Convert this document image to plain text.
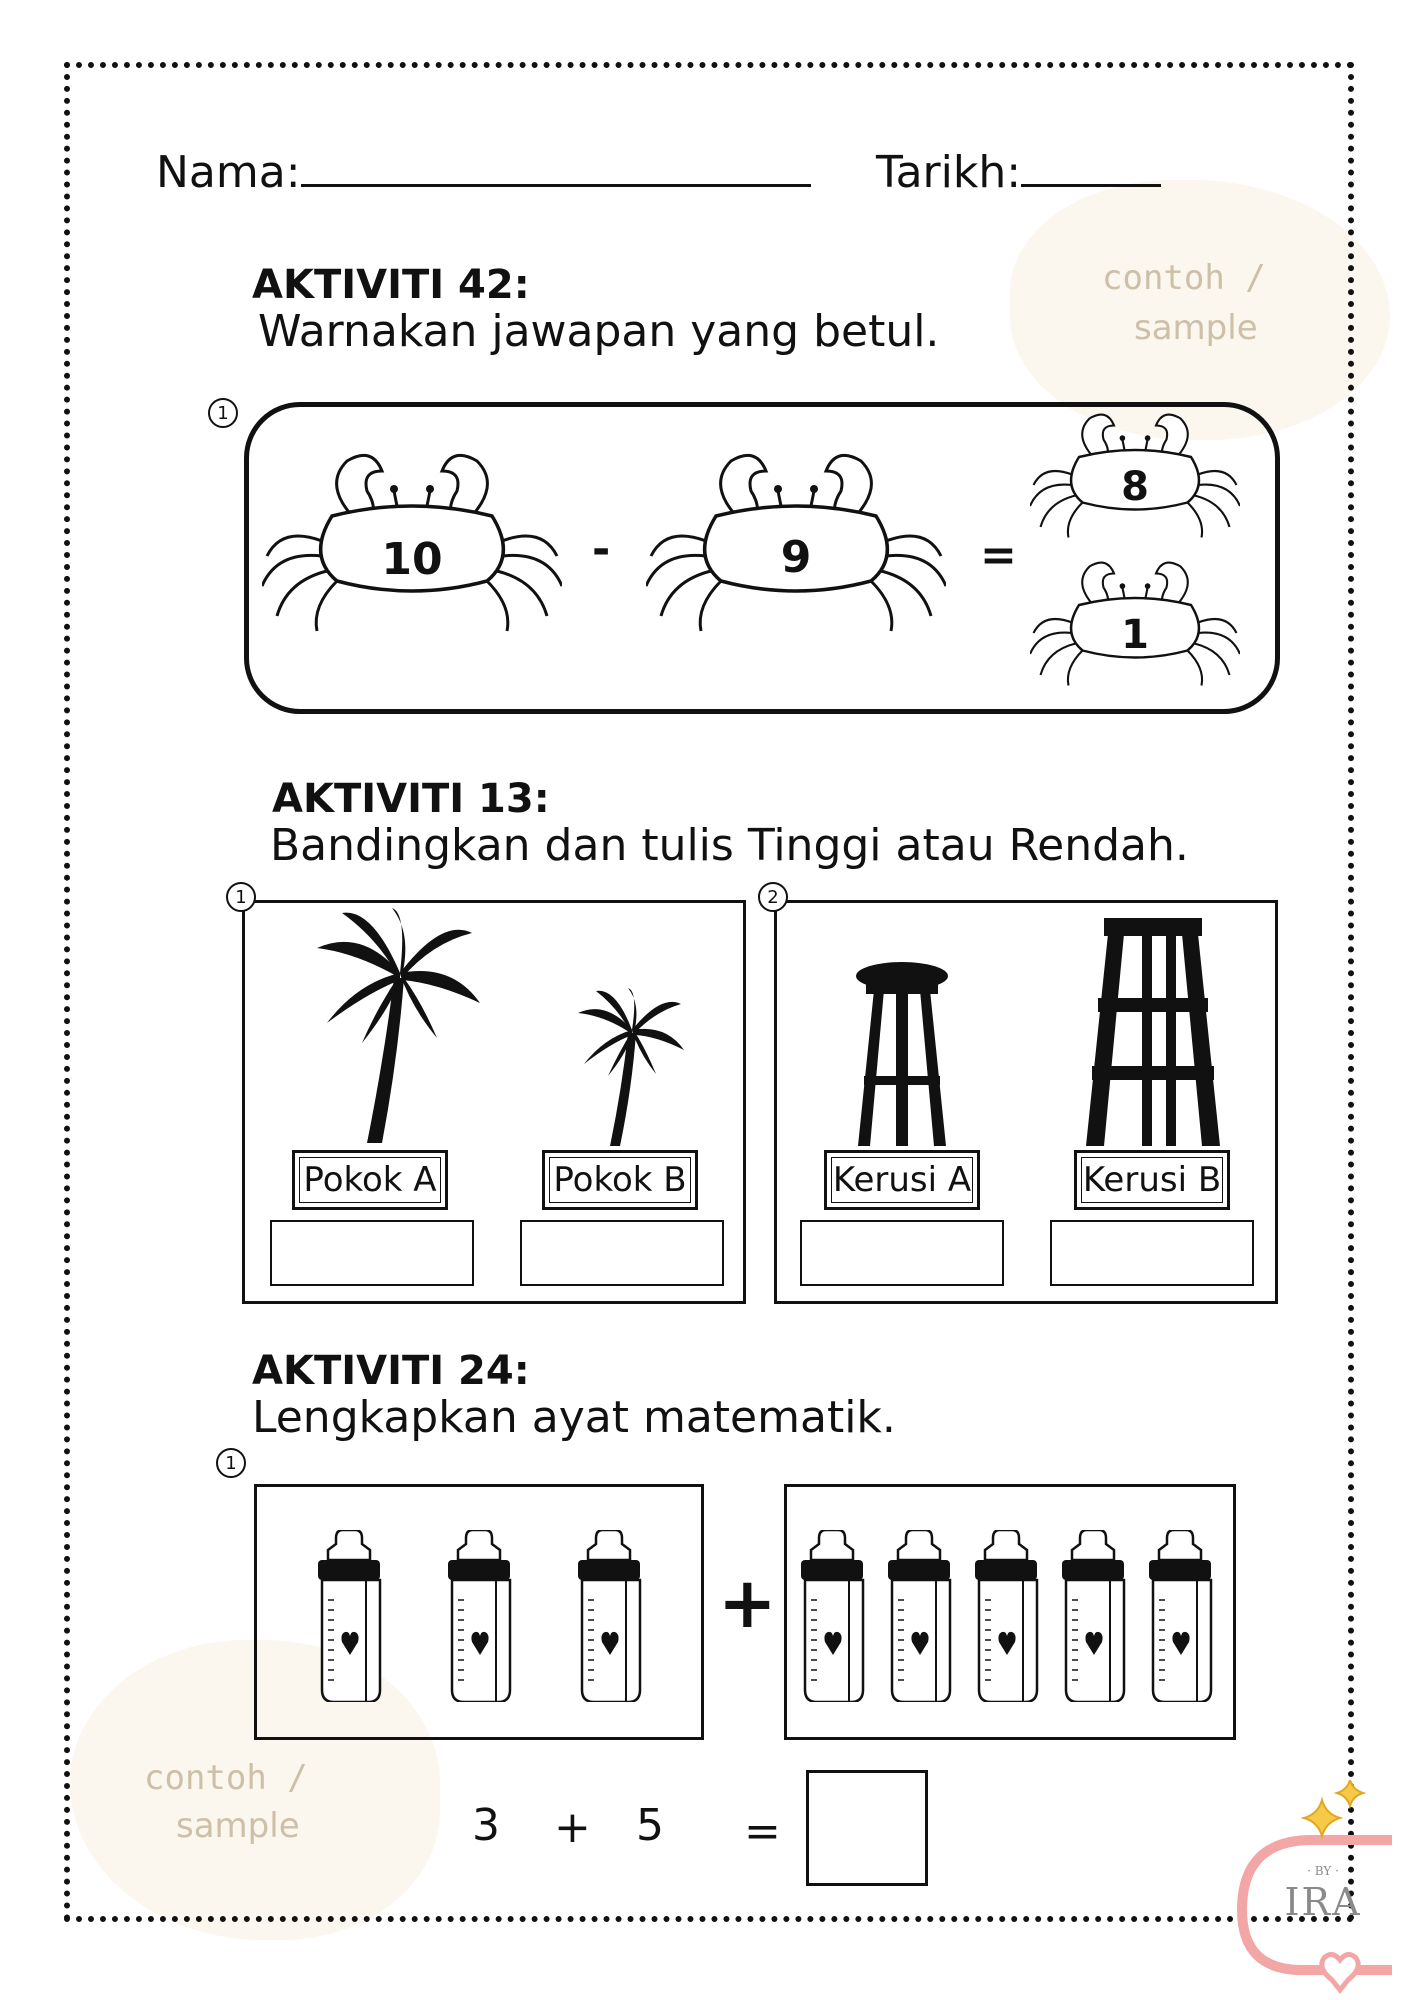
Nama:	Tarikh:
contoh /
sample
contoh /
sample
AKTIVITI 42:
Warnakan jawapan yang betul.
1
10	-	9	=
8
1
AKTIVITI 13:
Bandingkan dan tulis Tinggi atau Rendah.
1
Pokok A	Pokok B
2
Kerusi A	Kerusi B
AKTIVITI 24:
Lengkapkan ayat matematik.
1
+
3 + 5 =
· BY ·
IRA
